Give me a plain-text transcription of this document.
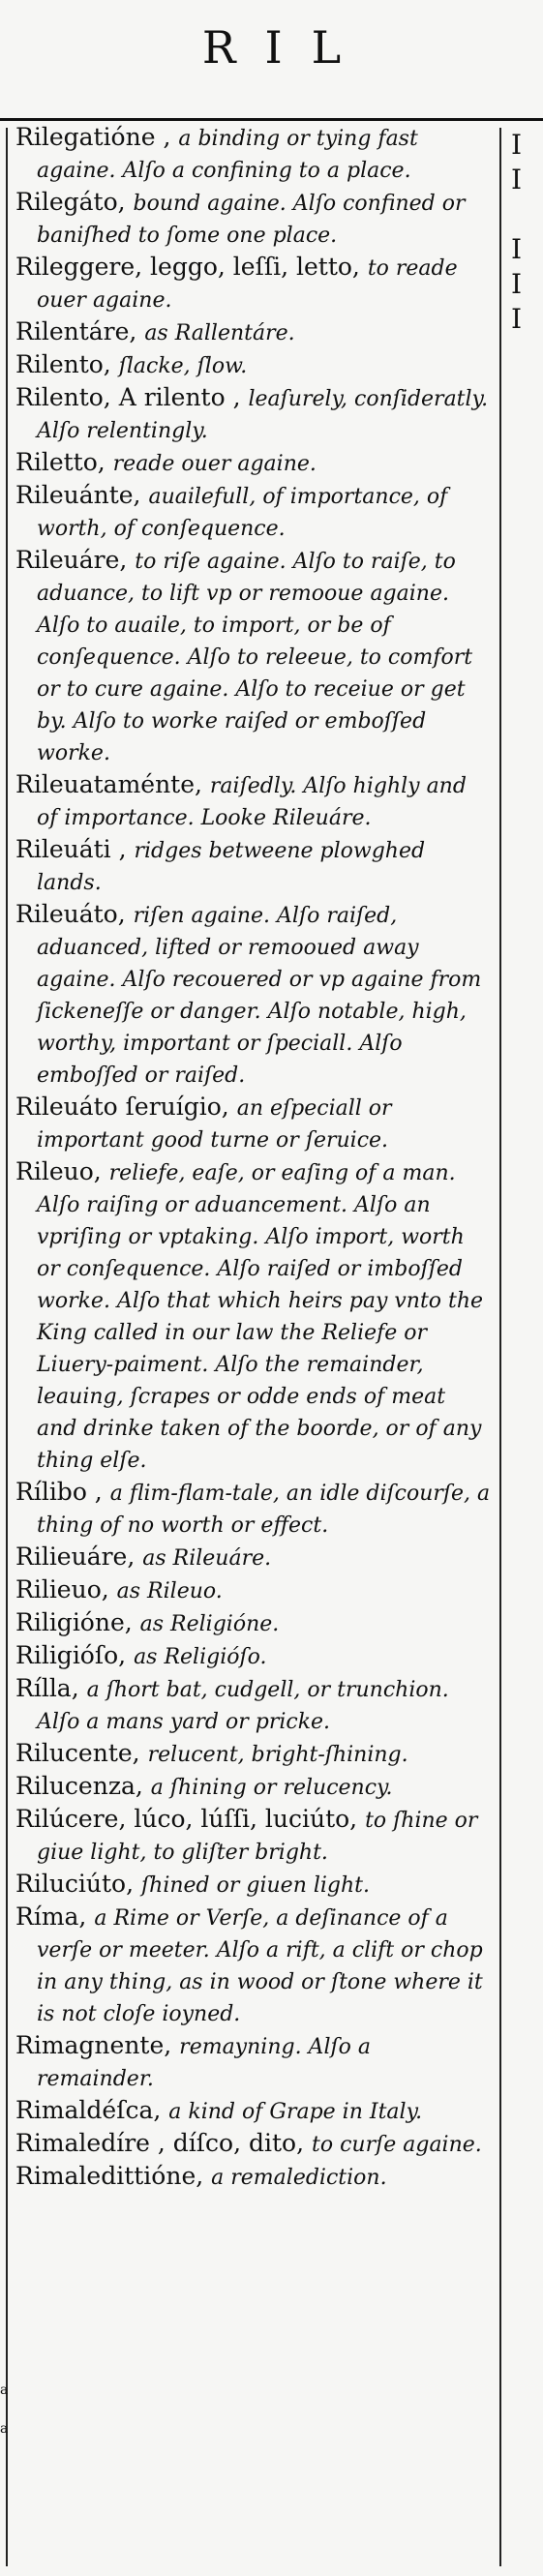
RIL
I
I
I
I
I
a
a
Rilegatióne , a binding or tying fast againe. Alſo a confining to a place.
Rilegáto, bound againe. Alſo confined or baniſhed to ſome one place.
Rileggere, leggo, leſſi, letto, to reade ouer againe.
Rilentáre, as Rallentáre.
Rilento, ſlacke, ſlow.
Rilento, A rilento , leaſurely, conſideratly. Alſo relentingly.
Riletto, reade ouer againe.
Rileuánte, auailefull, of importance, of worth, of conſequence.
Rileuáre, to riſe againe. Alſo to raiſe, to aduance, to lift vp or remooue againe. Alſo to auaile, to import, or be of conſequence. Alſo to releeue, to comfort or to cure againe. Alſo to receiue or get by. Alſo to worke raiſed or emboſſed worke.
Rileuataménte, raiſedly. Alſo highly and of importance. Looke Rileuáre.
Rileuáti , ridges betweene plowghed lands.
Rileuáto, riſen againe. Alſo raiſed, aduanced, lifted or remooued away againe. Alſo recouered or vp againe from ſickeneſſe or danger. Alſo notable, high, worthy, important or ſpeciall. Alſo emboſſed or raiſed.
Rileuáto ſeruígio, an eſpeciall or important good turne or ſeruice.
Rileuo, reliefe, eaſe, or eaſing of a man. Alſo raiſing or aduancement. Alſo an vpriſing or vptaking. Alſo import, worth or conſequence. Alſo raiſed or imboſſed worke. Alſo that which heirs pay vnto the King called in our law the Reliefe or Liuery-paiment. Alſo the remainder, leauing, ſcrapes or odde ends of meat and drinke taken of the boorde, or of any thing elſe.
Rílibo , a flim-flam-tale, an idle diſcourſe, a thing of no worth or effect.
Rilieuáre, as Rileuáre.
Rilieuo, as Rileuo.
Riligióne, as Religióne.
Riligióſo, as Religióſo.
Rílla, a ſhort bat, cudgell, or trunchion. Alſo a mans yard or pricke.
Rilucente, relucent, bright-ſhining.
Rilucenza, a ſhining or relucency.
Rilúcere, lúco, lúſſi, luciúto, to ſhine or giue light, to gliſter bright.
Riluciúto, ſhined or giuen light.
Ríma, a Rime or Verſe, a deſinance of a verſe or meeter. Alſo a rift, a clift or chop in any thing, as in wood or ſtone where it is not cloſe ioyned.
Rimagnente, remayning. Alſo a remainder.
Rimaldéſca, a kind of Grape in Italy.
Rimaledíre , díſco, dito, to curſe againe.
Rimaledittióne, a remalediction.
